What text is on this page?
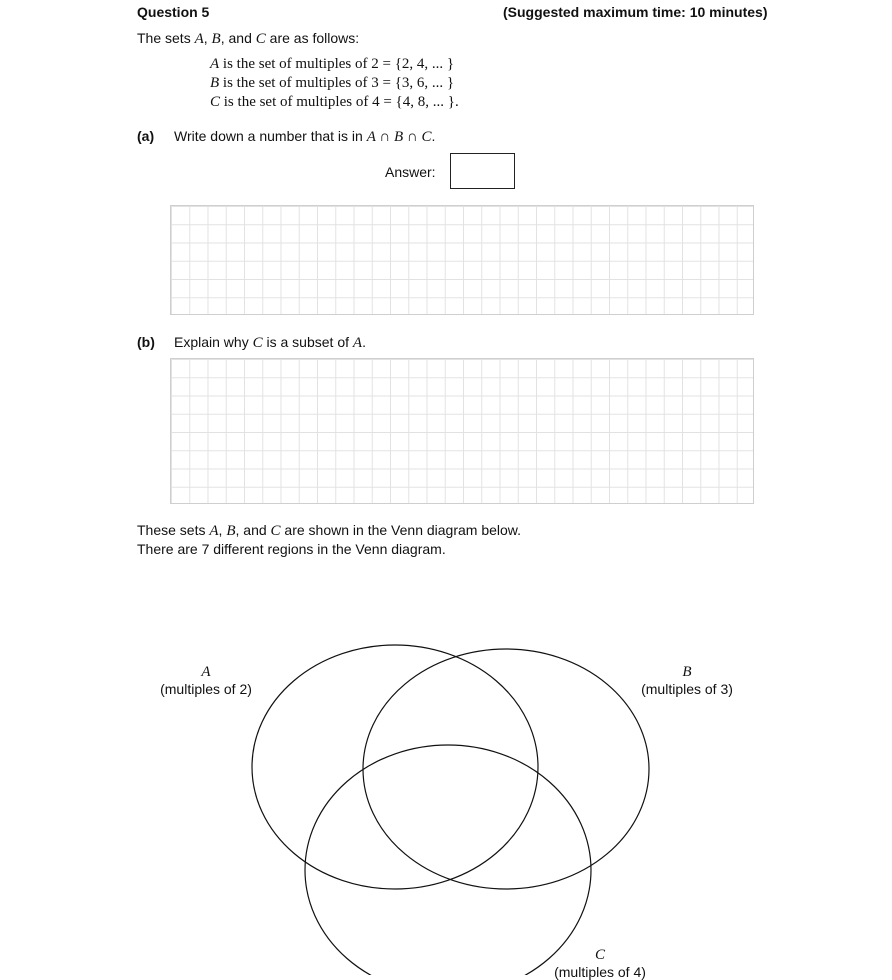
Question 5	(Suggested maximum time: 10 minutes)
The sets A, B, and C are as follows:
A is the set of multiples of 2 = {2, 4, ... }
B is the set of multiples of 3 = {3, 6, ... }
C is the set of multiples of 4 = {4, 8, ... }.
(a) Write down a number that is in A ∩ B ∩ C.
Answer:
(b) Explain why C is a subset of A.
These sets A, B, and C are shown in the Venn diagram below.
There are 7 different regions in the Venn diagram.
A
(multiples of 2)
B
(multiples of 3)
C
(multiples of 4)
